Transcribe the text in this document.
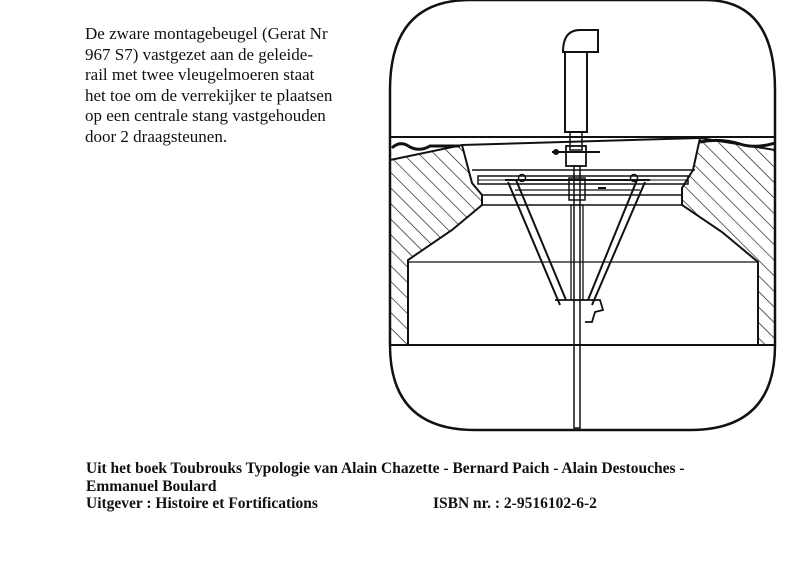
De zware montagebeugel (Gerat Nr
967 S7) vastgezet aan de geleide-
rail met twee vleugelmoeren staat
het toe om de verrekijker te plaatsen
op een centrale stang vastgehouden
door 2 draagsteunen.
Uit het boek Toubrouks Typologie van Alain Chazette - Bernard Paich - Alain Destouches -
Emmanuel Boulard
Uitgever : Histoire et Fortifications	ISBN nr. : 2-9516102-6-2
